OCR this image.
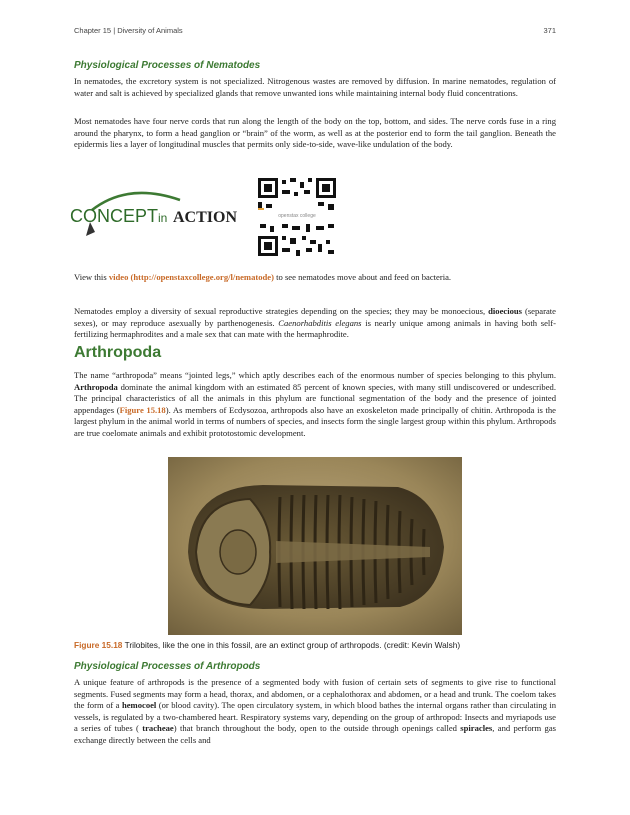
Chapter 15 | Diversity of Animals	371
Physiological Processes of Nematodes

In nematodes, the excretory system is not specialized. Nitrogenous wastes are removed by diffusion. In marine nematodes, regulation of water and salt is achieved by specialized glands that remove unwanted ions while maintaining internal body fluid concentrations.

Most nematodes have four nerve cords that run along the length of the body on the top, bottom, and sides. The nerve cords fuse in a ring around the pharynx, to form a head ganglion or “brain” of the worm, as well as at the posterior end to form the tail ganglion. Beneath the epidermis lies a layer of longitudinal muscles that permits only side-to-side, wave-like undulation of the body.

CONCEPT in ACTION	openstax college

View this video (http://openstaxcollege.org/l/nematode) to see nematodes move about and feed on bacteria.

Nematodes employ a diversity of sexual reproductive strategies depending on the species; they may be monoecious, dioecious (separate sexes), or may reproduce asexually by parthenogenesis. Caenorhabditis elegans is nearly unique among animals in having both self-fertilizing hermaphrodites and a male sex that can mate with the hermaphrodite.

Arthropoda

The name “arthropoda” means “jointed legs,” which aptly describes each of the enormous number of species belonging to this phylum. Arthropoda dominate the animal kingdom with an estimated 85 percent of known species, with many still undiscovered or undescribed. The principal characteristics of all the animals in this phylum are functional segmentation of the body and the presence of jointed appendages (Figure 15.18). As members of Ecdysozoa, arthropods also have an exoskeleton made principally of chitin. Arthropoda is the largest phylum in the animal world in terms of numbers of species, and insects form the single largest group within this phylum. Arthropods are true coelomate animals and exhibit prototostomic development.

Figure 15.18 Trilobites, like the one in this fossil, are an extinct group of arthropods. (credit: Kevin Walsh)
Physiological Processes of Arthropods

A unique feature of arthropods is the presence of a segmented body with fusion of certain sets of segments to give rise to functional segments. Fused segments may form a head, thorax, and abdomen, or a cephalothorax and abdomen, or a head and trunk. The coelom takes the form of a hemocoel (or blood cavity). The open circulatory system, in which blood bathes the internal organs rather than circulating in vessels, is regulated by a two-chambered heart. Respiratory systems vary, depending on the group of arthropod: Insects and myriapods use a series of tubes ( tracheae) that branch throughout the body, open to the outside through openings called spiracles, and perform gas exchange directly between the cells and
